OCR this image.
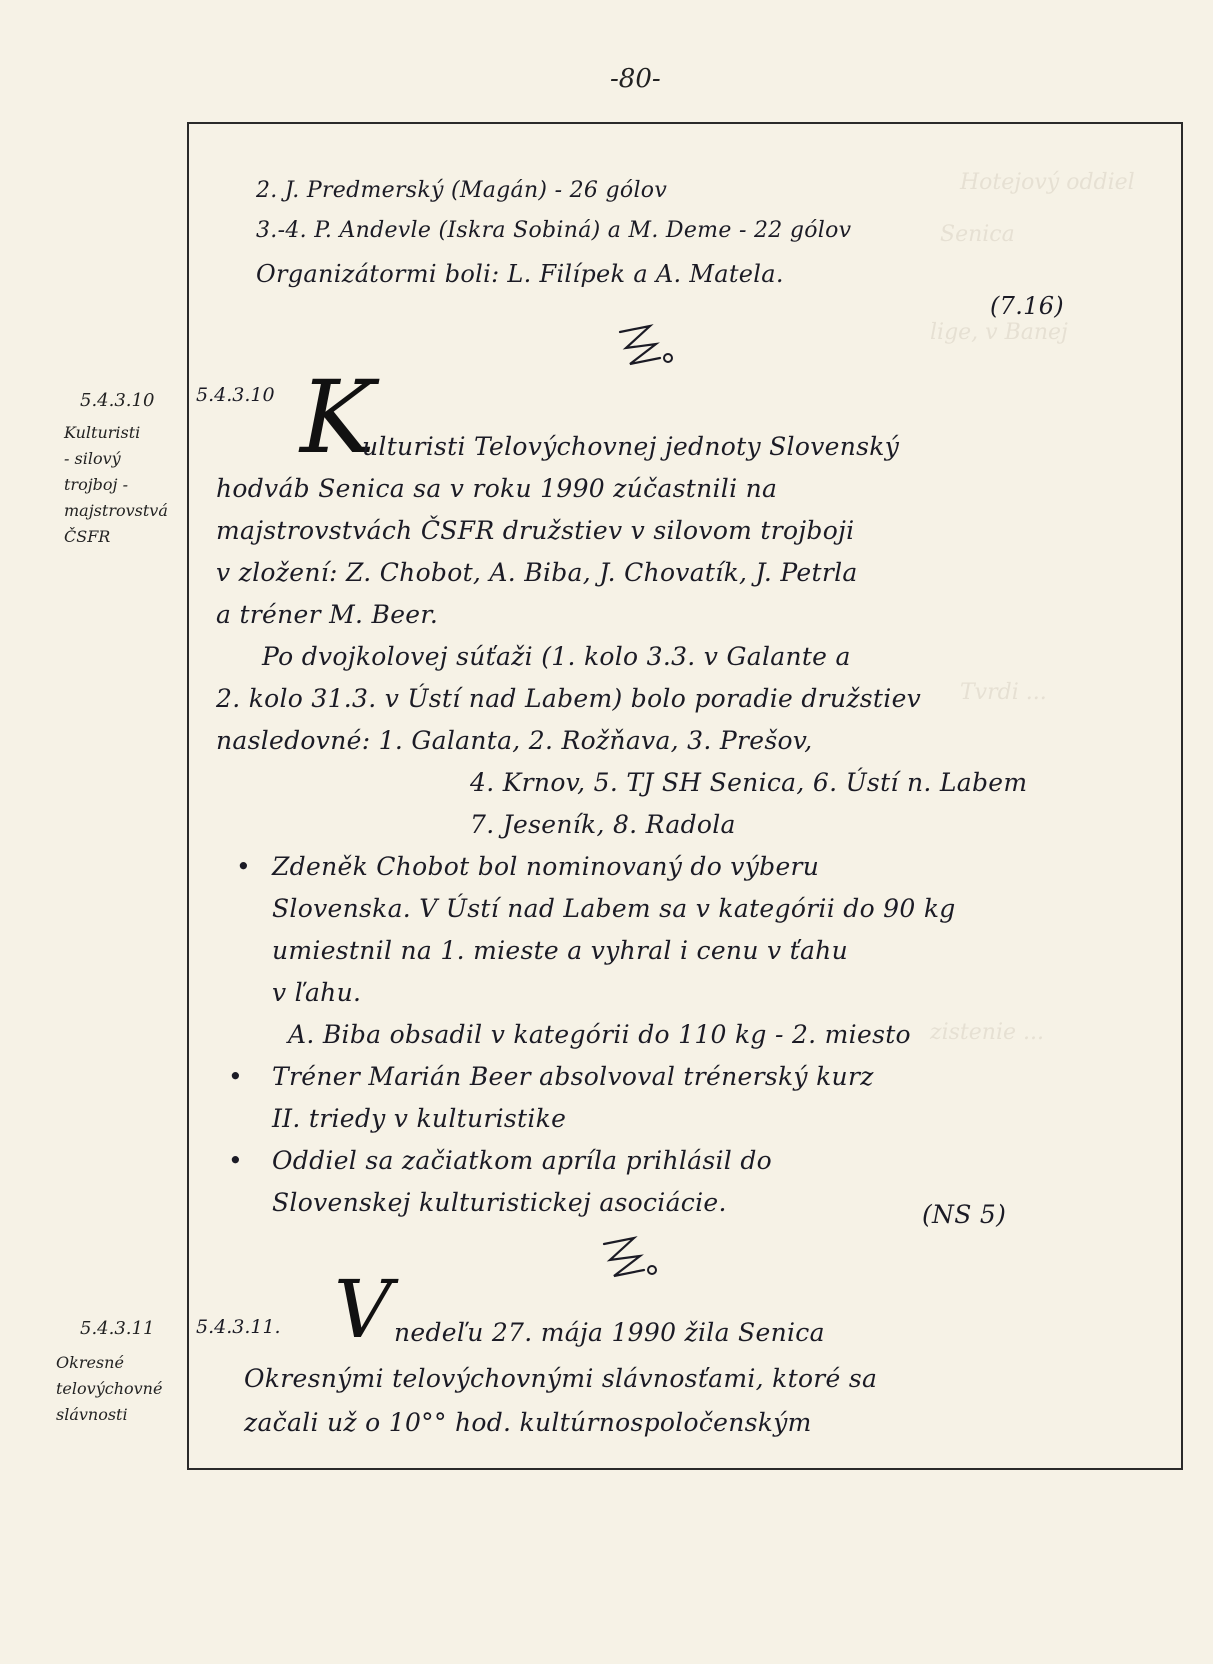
Hotejový oddiel
Senica
lige, v Banej
Tvrdi ...
zistenie ...
-80-
2. J. Predmerský (Magán) - 26 gólov
3.-4. P. Andevle (Iskra Sobiná) a M. Deme - 22 gólov
Organizátormi boli: L. Filípek a A. Matela.
(7.16)
5.4.3.10
Kulturisti
- silový
trojboj -
majstrovstvá
ČSFR
5.4.3.10 K
ulturisti Telovýchovnej jednoty Slovenský
hodváb Senica sa v roku 1990 zúčastnili na
majstrovstvách ČSFR družstiev v silovom trojboji
v zložení: Z. Chobot, A. Biba, J. Chovatík, J. Petrla
a tréner M. Beer.
Po dvojkolovej súťaži (1. kolo 3.3. v Galante a
2. kolo 31.3. v Ústí nad Labem) bolo poradie družstiev
nasledovné: 1. Galanta, 2. Rožňava, 3. Prešov,
4. Krnov, 5. TJ SH Senica, 6. Ústí n. Labem
7. Jeseník, 8. Radola
• Zdeněk Chobot bol nominovaný do výberu
Slovenska. V Ústí nad Labem sa v kategórii do 90 kg
umiestnil na 1. mieste a vyhral i cenu v ťahu
v ľahu.
A. Biba obsadil v kategórii do 110 kg - 2. miesto
• Tréner Marián Beer absolvoval trénerský kurz
II. triedy v kulturistike
• Oddiel sa začiatkom apríla prihlásil do
Slovenskej kulturistickej asociácie.	(NS 5)
5.4.3.11
Okresné
telovýchovné
slávnosti
5.4.3.11. V nedeľu 27. mája 1990 žila Senica
Okresnými telovýchovnými slávnosťami, ktoré sa
začali už o 10°° hod. kultúrnospoločenským
